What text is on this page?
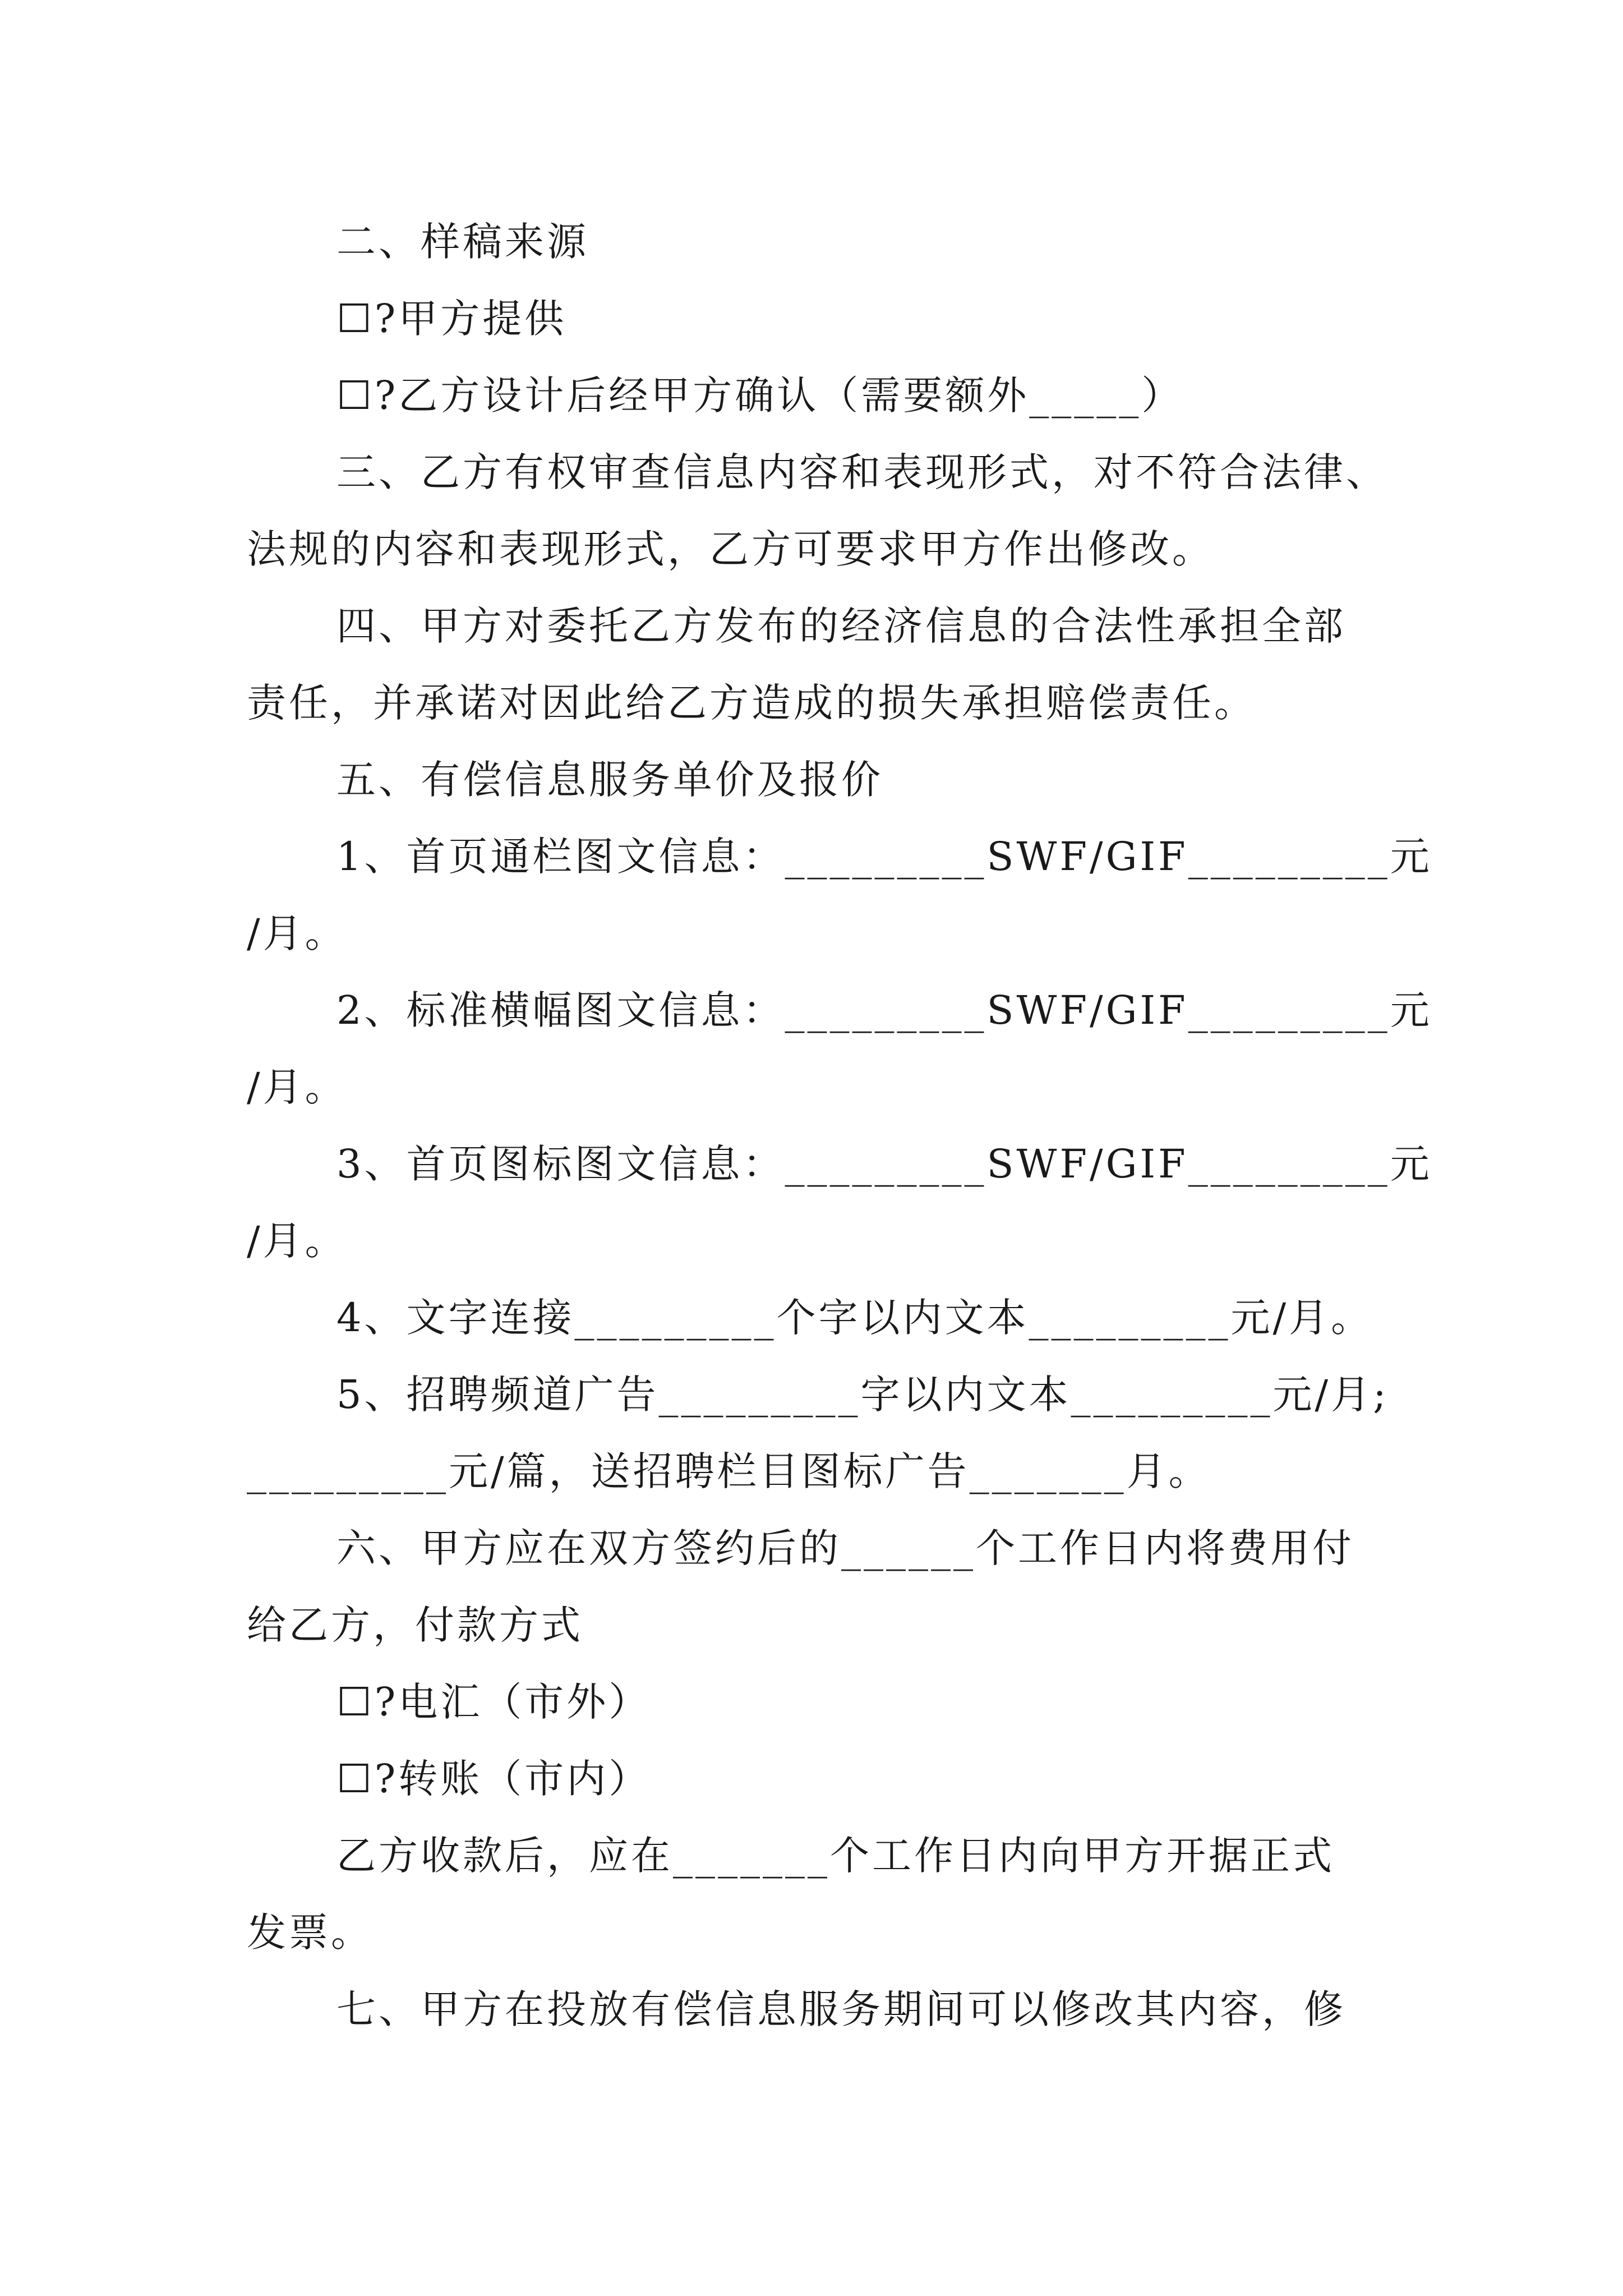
二、样稿来源

☐?甲方提供

☐?乙方设计后经甲方确认（需要额外_____）

三、乙方有权审查信息内容和表现形式，对不符合法律、

法规的内容和表现形式，乙方可要求甲方作出修改。

四、甲方对委托乙方发布的经济信息的合法性承担全部

责任，并承诺对因此给乙方造成的损失承担赔偿责任。

五、有偿信息服务单价及报价

1、首页通栏图文信息：_________SWF/GIF_________元

/月。

2、标准横幅图文信息：_________SWF/GIF_________元

/月。

3、首页图标图文信息：_________SWF/GIF_________元

/月。

4、文字连接_________个字以内文本_________元/月。

5、招聘频道广告_________字以内文本_________元/月;

_________元/篇，送招聘栏目图标广告_______月。

六、甲方应在双方签约后的______个工作日内将费用付

给乙方，付款方式

☐?电汇（市外）

☐?转账（市内）

乙方收款后，应在_______个工作日内向甲方开据正式

发票。

七、甲方在投放有偿信息服务期间可以修改其内容，修
